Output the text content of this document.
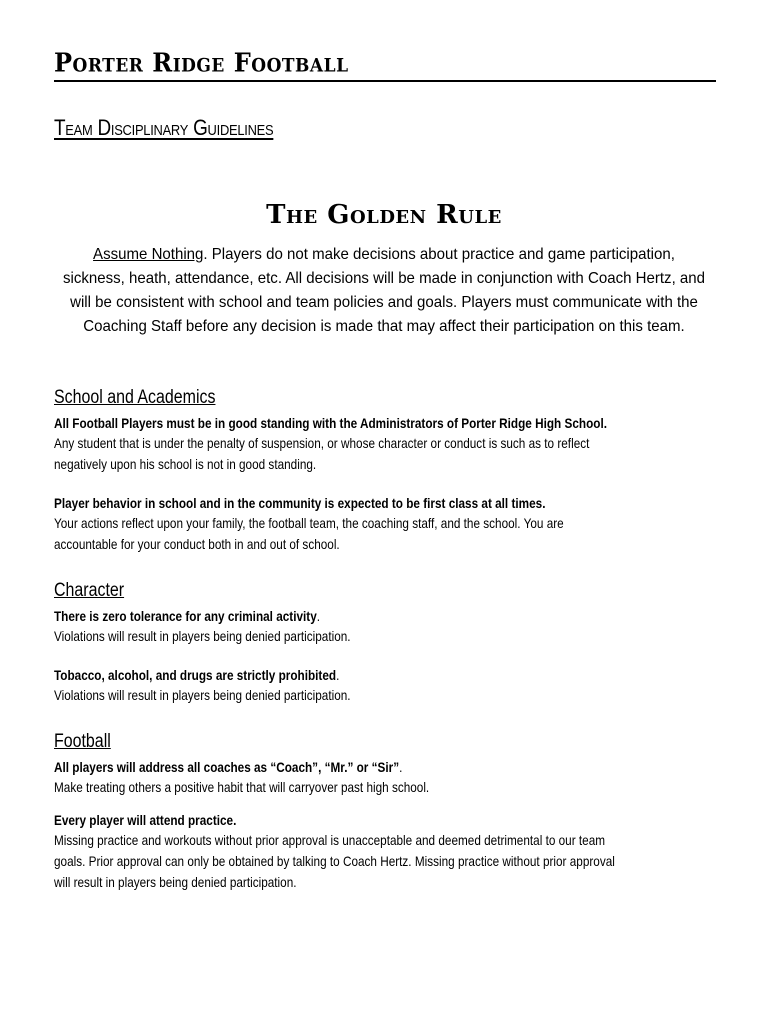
Porter Ridge Football
Team Disciplinary Guidelines
The Golden Rule
Assume Nothing. Players do not make decisions about practice and game participation, sickness, heath, attendance, etc. All decisions will be made in conjunction with Coach Hertz, and will be consistent with school and team policies and goals. Players must communicate with the Coaching Staff before any decision is made that may affect their participation on this team.
School and Academics
All Football Players must be in good standing with the Administrators of Porter Ridge High School.
Any student that is under the penalty of suspension, or whose character or conduct is such as to reflect negatively upon his school is not in good standing.
Player behavior in school and in the community is expected to be first class at all times.
Your actions reflect upon your family, the football team, the coaching staff, and the school. You are accountable for your conduct both in and out of school.
Character
There is zero tolerance for any criminal activity.
Violations will result in players being denied participation.
Tobacco, alcohol, and drugs are strictly prohibited.
Violations will result in players being denied participation.
Football
All players will address all coaches as “Coach”, “Mr.” or “Sir”.
Make treating others a positive habit that will carryover past high school.
Every player will attend practice.
Missing practice and workouts without prior approval is unacceptable and deemed detrimental to our team goals. Prior approval can only be obtained by talking to Coach Hertz. Missing practice without prior approval will result in players being denied participation.
